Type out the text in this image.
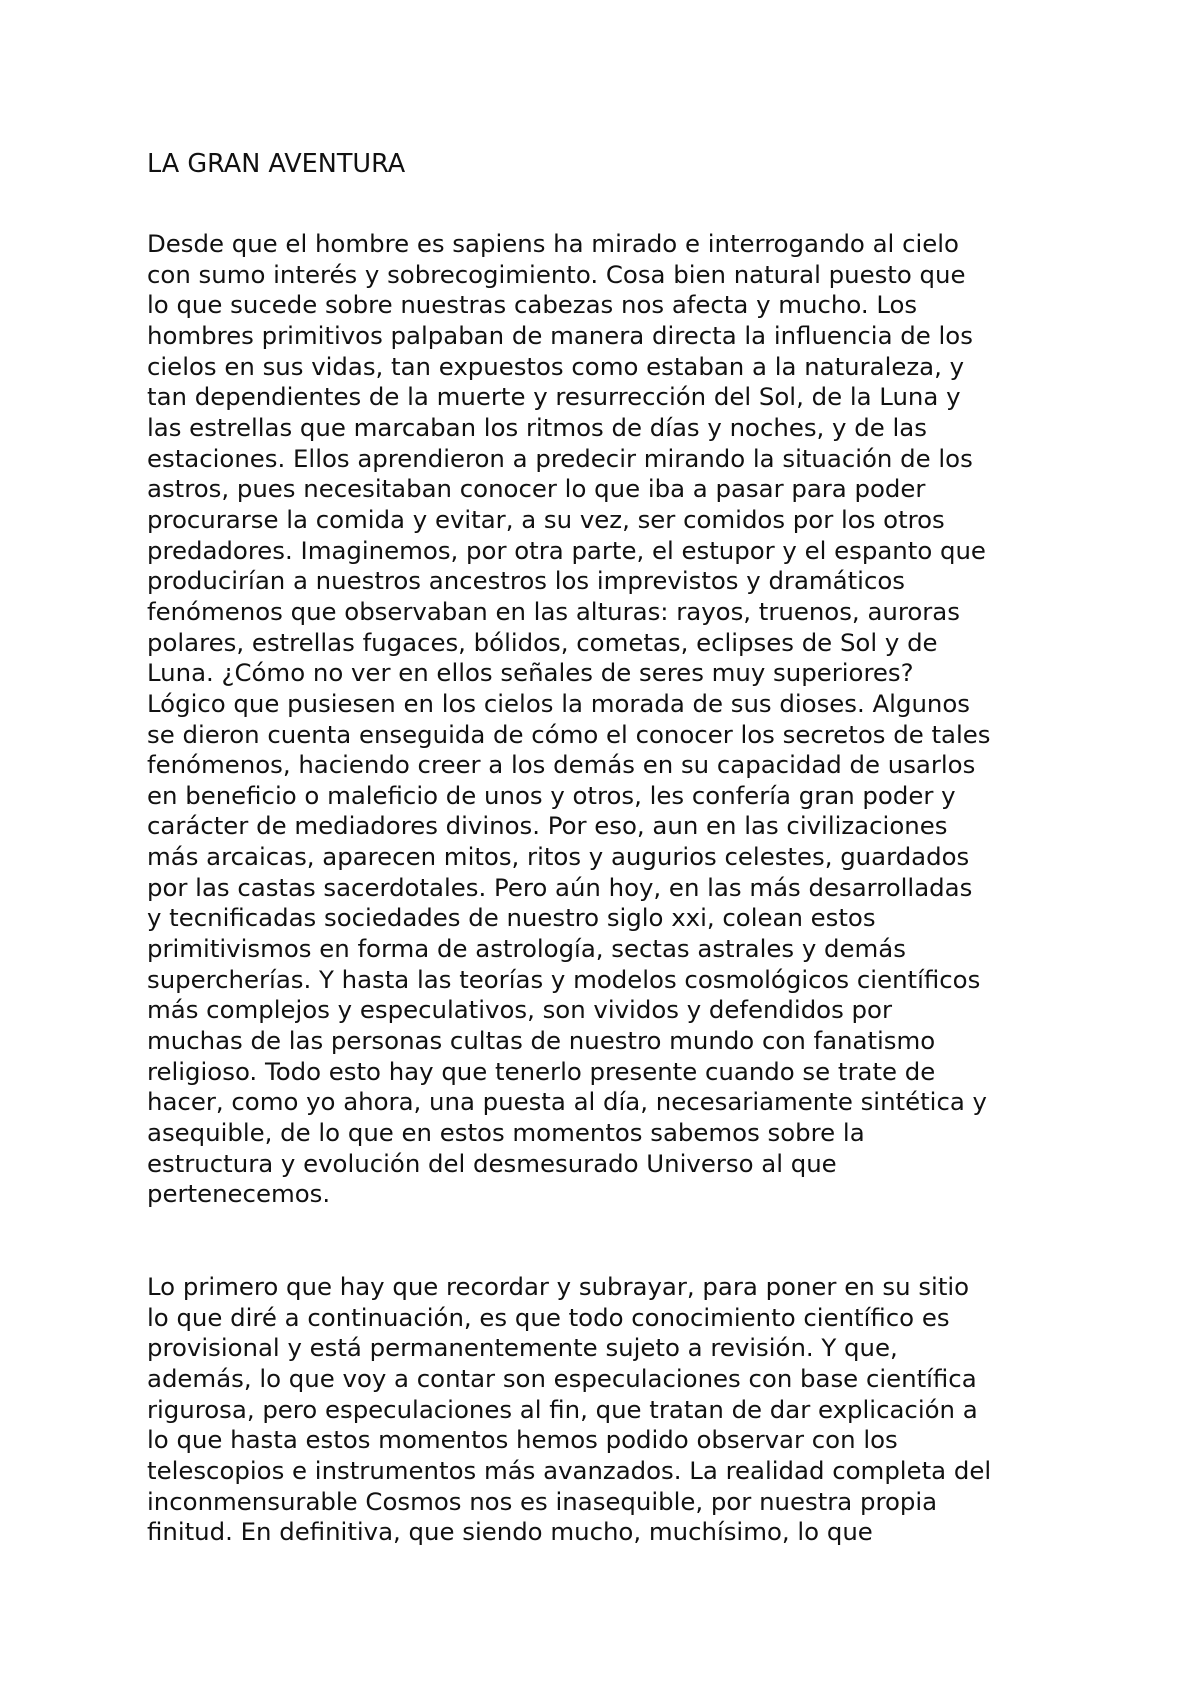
LA GRAN AVENTURA

Desde que el hombre es sapiens ha mirado e interrogando al cielo
con sumo interés y sobrecogimiento. Cosa bien natural puesto que
lo que sucede sobre nuestras cabezas nos afecta y mucho. Los
hombres primitivos palpaban de manera directa la influencia de los
cielos en sus vidas, tan expuestos como estaban a la naturaleza, y
tan dependientes de la muerte y resurrección del Sol, de la Luna y
las estrellas que marcaban los ritmos de días y noches, y de las
estaciones. Ellos aprendieron a predecir mirando la situación de los
astros, pues necesitaban conocer lo que iba a pasar para poder
procurarse la comida y evitar, a su vez, ser comidos por los otros
predadores. Imaginemos, por otra parte, el estupor y el espanto que
producirían a nuestros ancestros los imprevistos y dramáticos
fenómenos que observaban en las alturas: rayos, truenos, auroras
polares, estrellas fugaces, bólidos, cometas, eclipses de Sol y de
Luna. ¿Cómo no ver en ellos señales de seres muy superiores?
Lógico que pusiesen en los cielos la morada de sus dioses. Algunos
se dieron cuenta enseguida de cómo el conocer los secretos de tales
fenómenos, haciendo creer a los demás en su capacidad de usarlos
en beneficio o maleficio de unos y otros, les confería gran poder y
carácter de mediadores divinos. Por eso, aun en las civilizaciones
más arcaicas, aparecen mitos, ritos y augurios celestes, guardados
por las castas sacerdotales. Pero aún hoy, en las más desarrolladas
y tecnificadas sociedades de nuestro siglo xxi, colean estos
primitivismos en forma de astrología, sectas astrales y demás
supercherías. Y hasta las teorías y modelos cosmológicos científicos
más complejos y especulativos, son vividos y defendidos por
muchas de las personas cultas de nuestro mundo con fanatismo
religioso. Todo esto hay que tenerlo presente cuando se trate de
hacer, como yo ahora, una puesta al día, necesariamente sintética y
asequible, de lo que en estos momentos sabemos sobre la
estructura y evolución del desmesurado Universo al que
pertenecemos.

Lo primero que hay que recordar y subrayar, para poner en su sitio
lo que diré a continuación, es que todo conocimiento científico es
provisional y está permanentemente sujeto a revisión. Y que,
además, lo que voy a contar son especulaciones con base científica
rigurosa, pero especulaciones al fin, que tratan de dar explicación a
lo que hasta estos momentos hemos podido observar con los
telescopios e instrumentos más avanzados. La realidad completa del
inconmensurable Cosmos nos es inasequible, por nuestra propia
finitud. En definitiva, que siendo mucho, muchísimo, lo que
